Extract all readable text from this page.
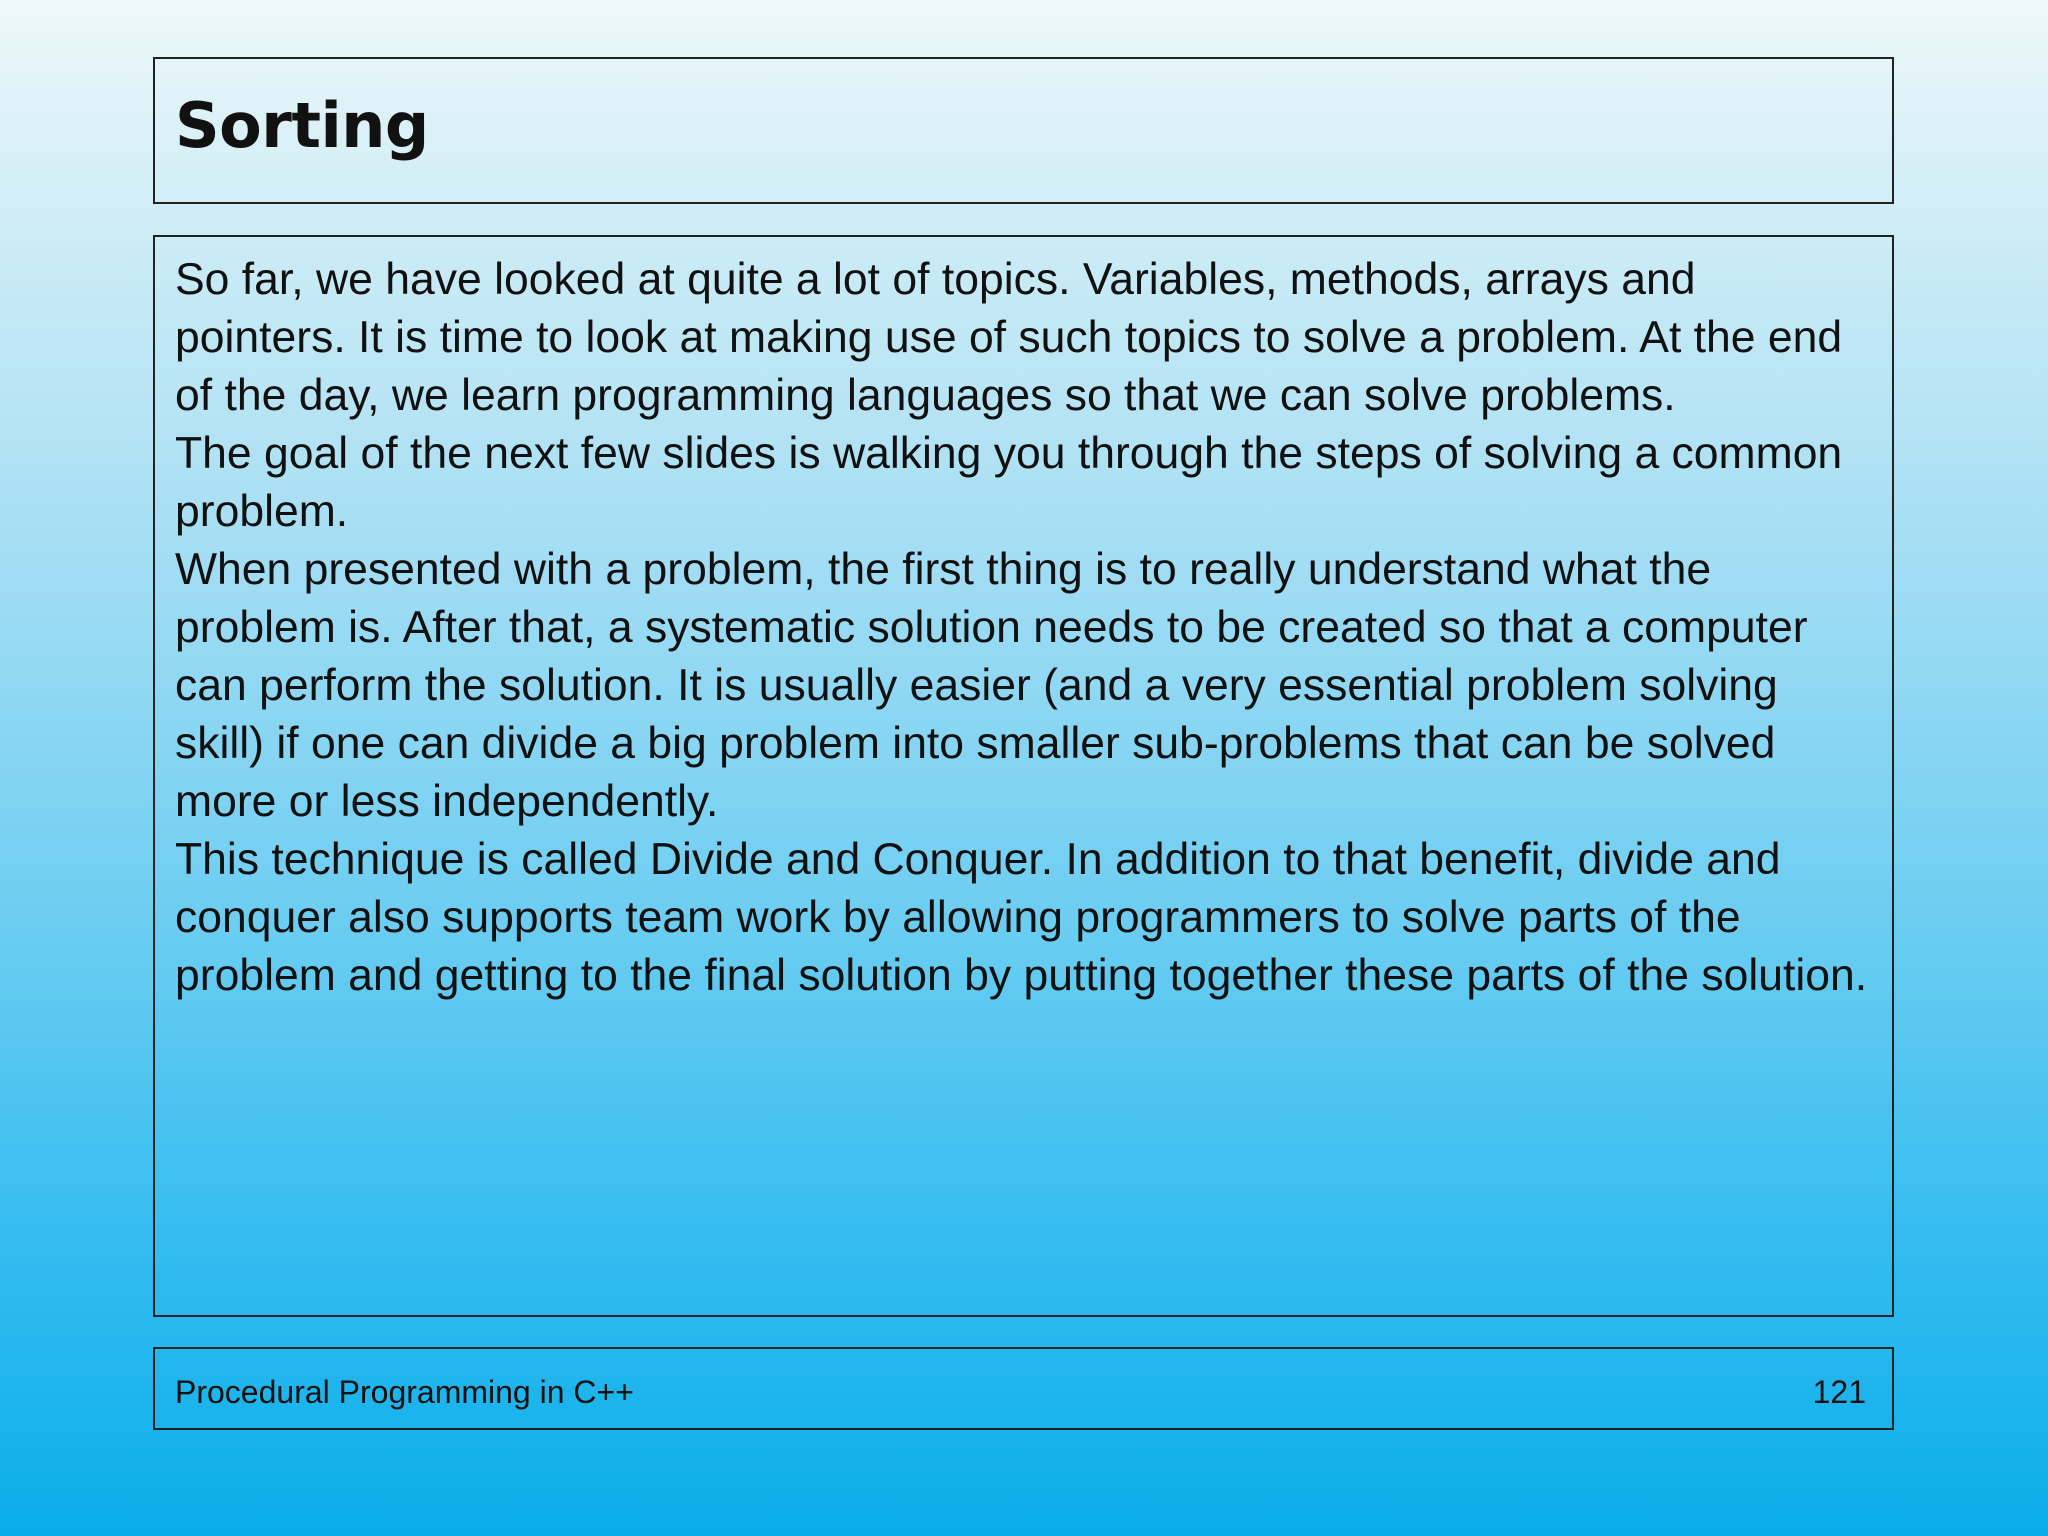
Sorting

So far, we have looked at quite a lot of topics. Variables, methods, arrays and pointers. It is time to look at making use of such topics to solve a problem. At the end of the day, we learn programming languages so that we can solve problems.

The goal of the next few slides is walking you through the steps of solving a common problem.

When presented with a problem, the first thing is to really understand what the problem is. After that, a systematic solution needs to be created so that a computer can perform the solution. It is usually easier (and a very essential problem solving skill) if one can divide a big problem into smaller sub-problems that can be solved more or less independently.

This technique is called Divide and Conquer. In addition to that benefit, divide and conquer also supports team work by allowing programmers to solve parts of the problem and getting to the final solution by putting together these parts of the solution.

Procedural Programming in C++	121
